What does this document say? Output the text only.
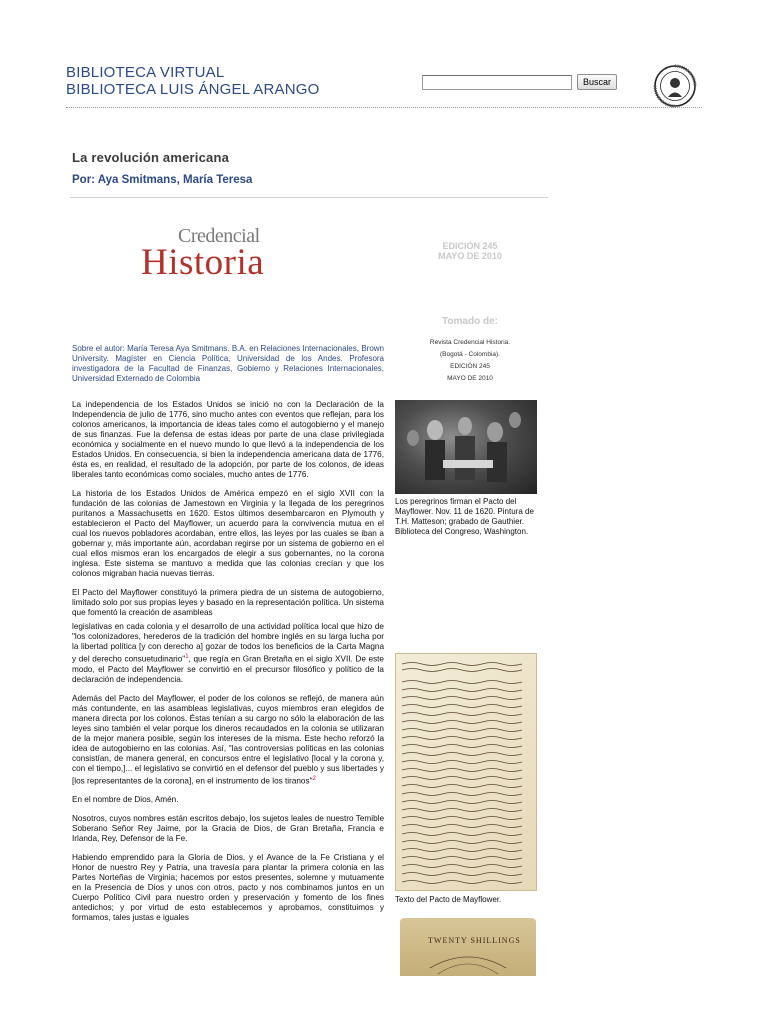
BIBLIOTECA VIRTUAL
BIBLIOTECA LUIS ÁNGEL ARANGO	Buscar
La revolución americana
Por: Aya Smitmans, María Teresa
Credencial
Historia	EDICIÓN 245
MAYO DE 2010
Tomado de:
Revista Credencial Historia.
(Bogotá - Colombia).
EDICIÓN 245
MAYO DE 2010
Sobre el autor: María Teresa Aya Smitmans. B.A. en Relaciones Internacionales, Brown University. Magíster en Ciencia Política, Universidad de los Andes. Profesora investigadora de la Facultad de Finanzas, Gobierno y Relaciones Internacionales, Universidad Externado de Colombia

La independencia de los Estados Unidos se inició no con la Declaración de la Independencia de julio de 1776, sino mucho antes con eventos que reflejan, para los colonos americanos, la importancia de ideas tales como el autogobierno y el manejo de sus finanzas. Fue la defensa de estas ideas por parte de una clase privilegiada económica y socialmente en el nuevo mundo lo que llevó a la independencia de los Estados Unidos. En consecuencia, si bien la independencia americana data de 1776, ésta es, en realidad, el resultado de la adopción, por parte de los colonos, de ideas liberales tanto económicas como sociales, mucho antes de 1776.

La historia de los Estados Unidos de América empezó en el siglo XVII con la fundación de las colonias de Jamestown en Virginia y la llegada de los peregrinos puritanos a Massachusetts en 1620. Estos últimos desembarcaron en Plymouth y establecieron el Pacto del Mayflower, un acuerdo para la convivencia mutua en el cual los nuevos pobladores acordaban, entre ellos, las leyes por las cuales se iban a gobernar y, más importante aún, acordaban regirse por un sistema de gobierno en el cual ellos mismos eran los encargados de elegir a sus gobernantes, no la corona inglesa. Este sistema se mantuvo a medida que las colonias crecían y que los colonos migraban hacia nuevas tierras.

El Pacto del Mayflower constituyó la primera piedra de un sistema de autogobierno, limitado solo por sus propias leyes y basado en la representación política. Un sistema que fomentó la creación de asambleas

legislativas en cada colonia y el desarrollo de una actividad política local que hizo de "los colonizadores, herederos de la tradición del hombre inglés en su larga lucha por la libertad política [y con derecho a] gozar de todos los beneficios de la Carta Magna y del derecho consuetudinario"$^1$, que regía en Gran Bretaña en el siglo XVII. De este modo, el Pacto del Mayflower se convirtió en el precursor filosófico y político de la declaración de independencia.

Además del Pacto del Mayflower, el poder de los colonos se reflejó, de manera aún más contundente, en las asambleas legislativas, cuyos miembros eran elegidos de manera directa por los colonos. Éstas tenían a su cargo no sólo la elaboración de las leyes sino también el velar porque los dineros recaudados en la colonia se utilizaran de la mejor manera posible, según los intereses de la misma. Este hecho reforzó la idea de autogobierno en las colonias. Así, "las controversias políticas en las colonias consistían, de manera general, en concursos entre el legislativo [local y la corona y, con el tiempo,]... el legislativo se convirtió en el defensor del pueblo y sus libertades y [los representantes de la corona], en el instrumento de los tiranos"$^2$

En el nombre de Dios, Amén.

Nosotros, cuyos nombres están escritos debajo, los sujetos leales de nuestro Temible Soberano Señor Rey Jaime, por la Gracia de Dios, de Gran Bretaña, Francia e Irlanda, Rey, Defensor de la Fe.

Habiendo emprendido para la Gloria de Dios, y el Avance de la Fe Cristiana y el Honor de nuestro Rey y Patria, una travesía para plantar la primera colonia en las Partes Norteñas de Virginia; hacemos por estos presentes, solemne y mutuamente en la Presencia de Dios y unos con otros, pacto y nos combinamos juntos en un Cuerpo Político Civil para nuestro orden y preservación y fomento de los fines antedichos; y por virtud de esto establecemos y aprobamos, constituimos y formamos, tales justas e iguales

Los peregrinos firman el Pacto del Mayflower. Nov. 11 de 1620. Pintura de T.H. Matteson; grabado de Gauthier. Biblioteca del Congreso, Washington.
Texto del Pacto de Mayflower.
TWENTY SHILLINGS
